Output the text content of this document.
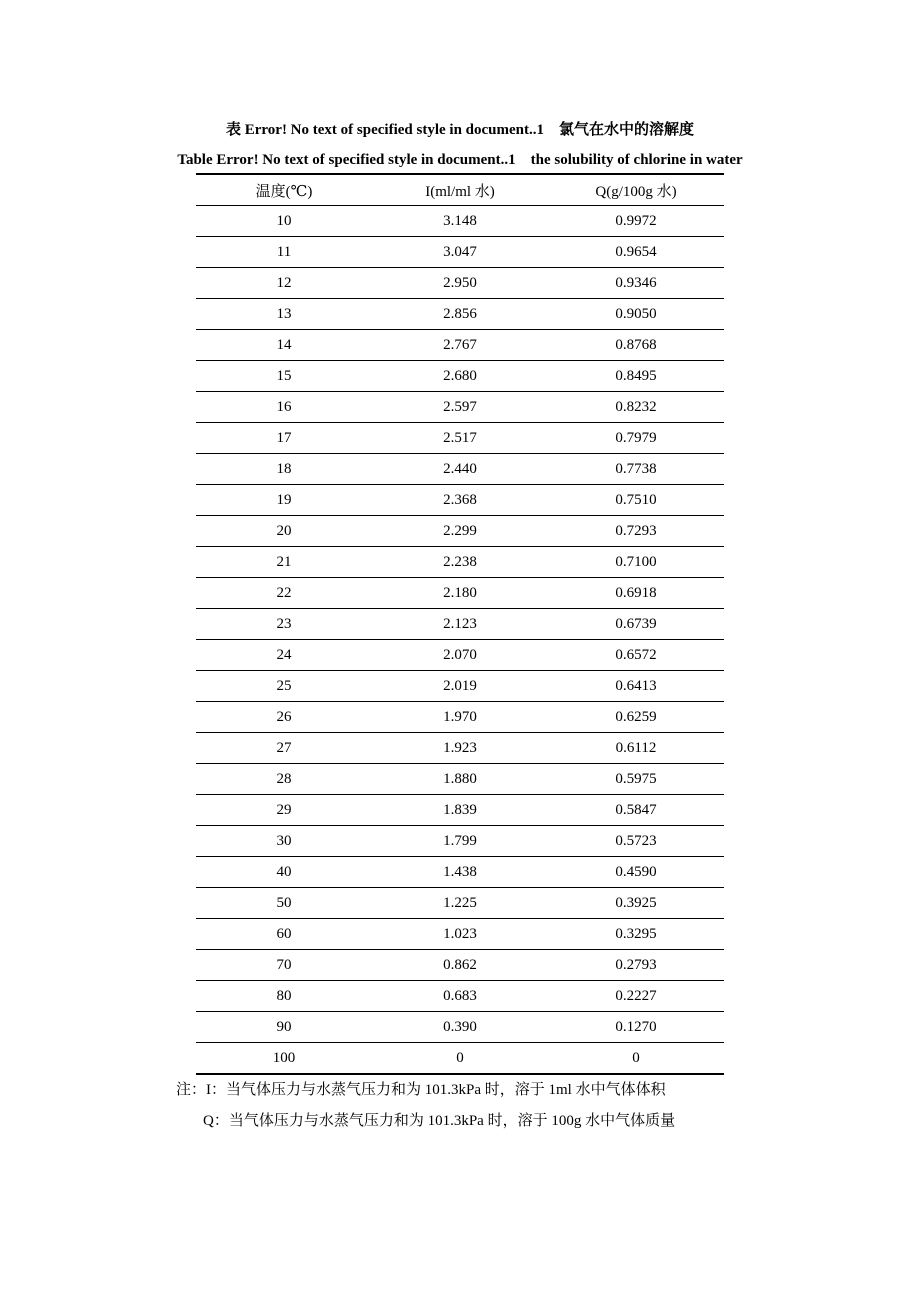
表 Error! No text of specified style in document..1　氯气在水中的溶解度
Table Error! No text of specified style in document..1　the solubility of chlorine in water
温度(℃)	I(ml/ml 水)	Q(g/100g 水)
10	3.148	0.9972
11	3.047	0.9654
12	2.950	0.9346
13	2.856	0.9050
14	2.767	0.8768
15	2.680	0.8495
16	2.597	0.8232
17	2.517	0.7979
18	2.440	0.7738
19	2.368	0.7510
20	2.299	0.7293
21	2.238	0.7100
22	2.180	0.6918
23	2.123	0.6739
24	2.070	0.6572
25	2.019	0.6413
26	1.970	0.6259
27	1.923	0.6112
28	1.880	0.5975
29	1.839	0.5847
30	1.799	0.5723
40	1.438	0.4590
50	1.225	0.3925
60	1.023	0.3295
70	0.862	0.2793
80	0.683	0.2227
90	0.390	0.1270
100	0	0
注：I：当气体压力与水蒸气压力和为 101.3kPa 时，溶于 1ml 水中气体体积
Q：当气体压力与水蒸气压力和为 101.3kPa 时，溶于 100g 水中气体质量
